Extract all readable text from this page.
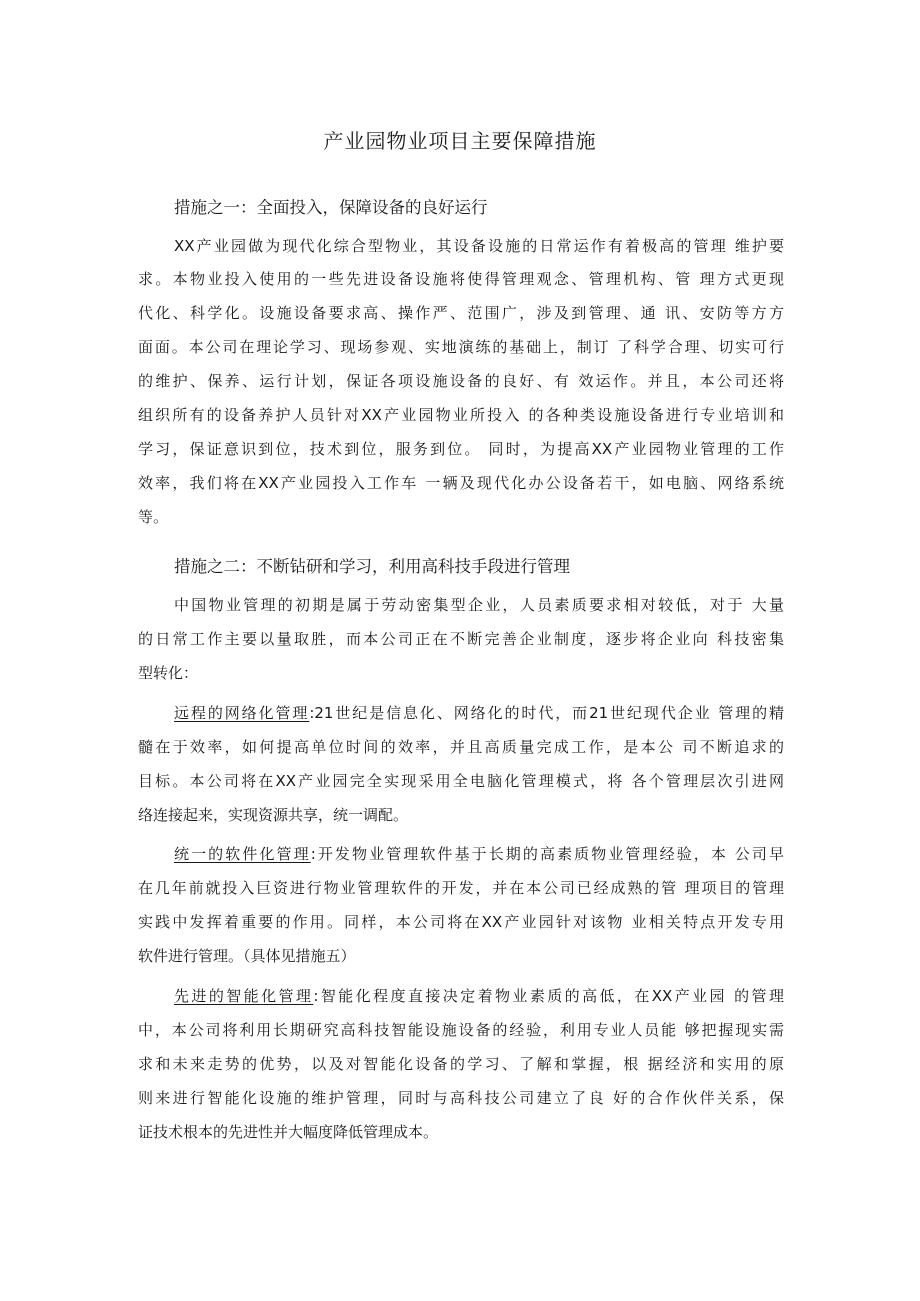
产业园物业项目主要保障措施
措施之一：全面投入，保障设备的良好运行
XX产业园做为现代化综合型物业，其设备设施的日常运作有着极高的管理 维护要
求。本物业投入使用的一些先进设备设施将使得管理观念、管理机构、管 理方式更现
代化、科学化。设施设备要求高、操作严、范围广，涉及到管理、通 讯、安防等方方
面面。本公司在理论学习、现场参观、实地演练的基础上，制订 了科学合理、切实可行
的维护、保养、运行计划，保证各项设施设备的良好、有 效运作。并且，本公司还将
组织所有的设备养护人员针对XX产业园物业所投入 的各种类设施设备进行专业培训和
学习，保证意识到位，技术到位，服务到位。 同时，为提高XX产业园物业管理的工作
效率，我们将在XX产业园投入工作车 一辆及现代化办公设备若干，如电脑、网络系统
等。
措施之二：不断钻研和学习，利用高科技手段进行管理
中国物业管理的初期是属于劳动密集型企业，人员素质要求相对较低，对于 大量
的日常工作主要以量取胜，而本公司正在不断完善企业制度，逐步将企业向 科技密集
型转化：
远程的网络化管理:21世纪是信息化、网络化的时代，而21世纪现代企业 管理的精
髓在于效率，如何提高单位时间的效率，并且高质量完成工作，是本公 司不断追求的
目标。本公司将在XX产业园完全实现采用全电脑化管理模式，将 各个管理层次引进网
络连接起来，实现资源共享，统一调配。
统一的软件化管理:开发物业管理软件基于长期的高素质物业管理经验，本 公司早
在几年前就投入巨资进行物业管理软件的开发，并在本公司已经成熟的管 理项目的管理
实践中发挥着重要的作用。同样，本公司将在XX产业园针对该物 业相关特点开发专用
软件进行管理。（具体见措施五）
先进的智能化管理:智能化程度直接决定着物业素质的高低，在XX产业园 的管理
中，本公司将利用长期研究高科技智能设施设备的经验，利用专业人员能 够把握现实需
求和未来走势的优势，以及对智能化设备的学习、了解和掌握，根 据经济和实用的原
则来进行智能化设施的维护管理，同时与高科技公司建立了良 好的合作伙伴关系，保
证技术根本的先进性并大幅度降低管理成本。
